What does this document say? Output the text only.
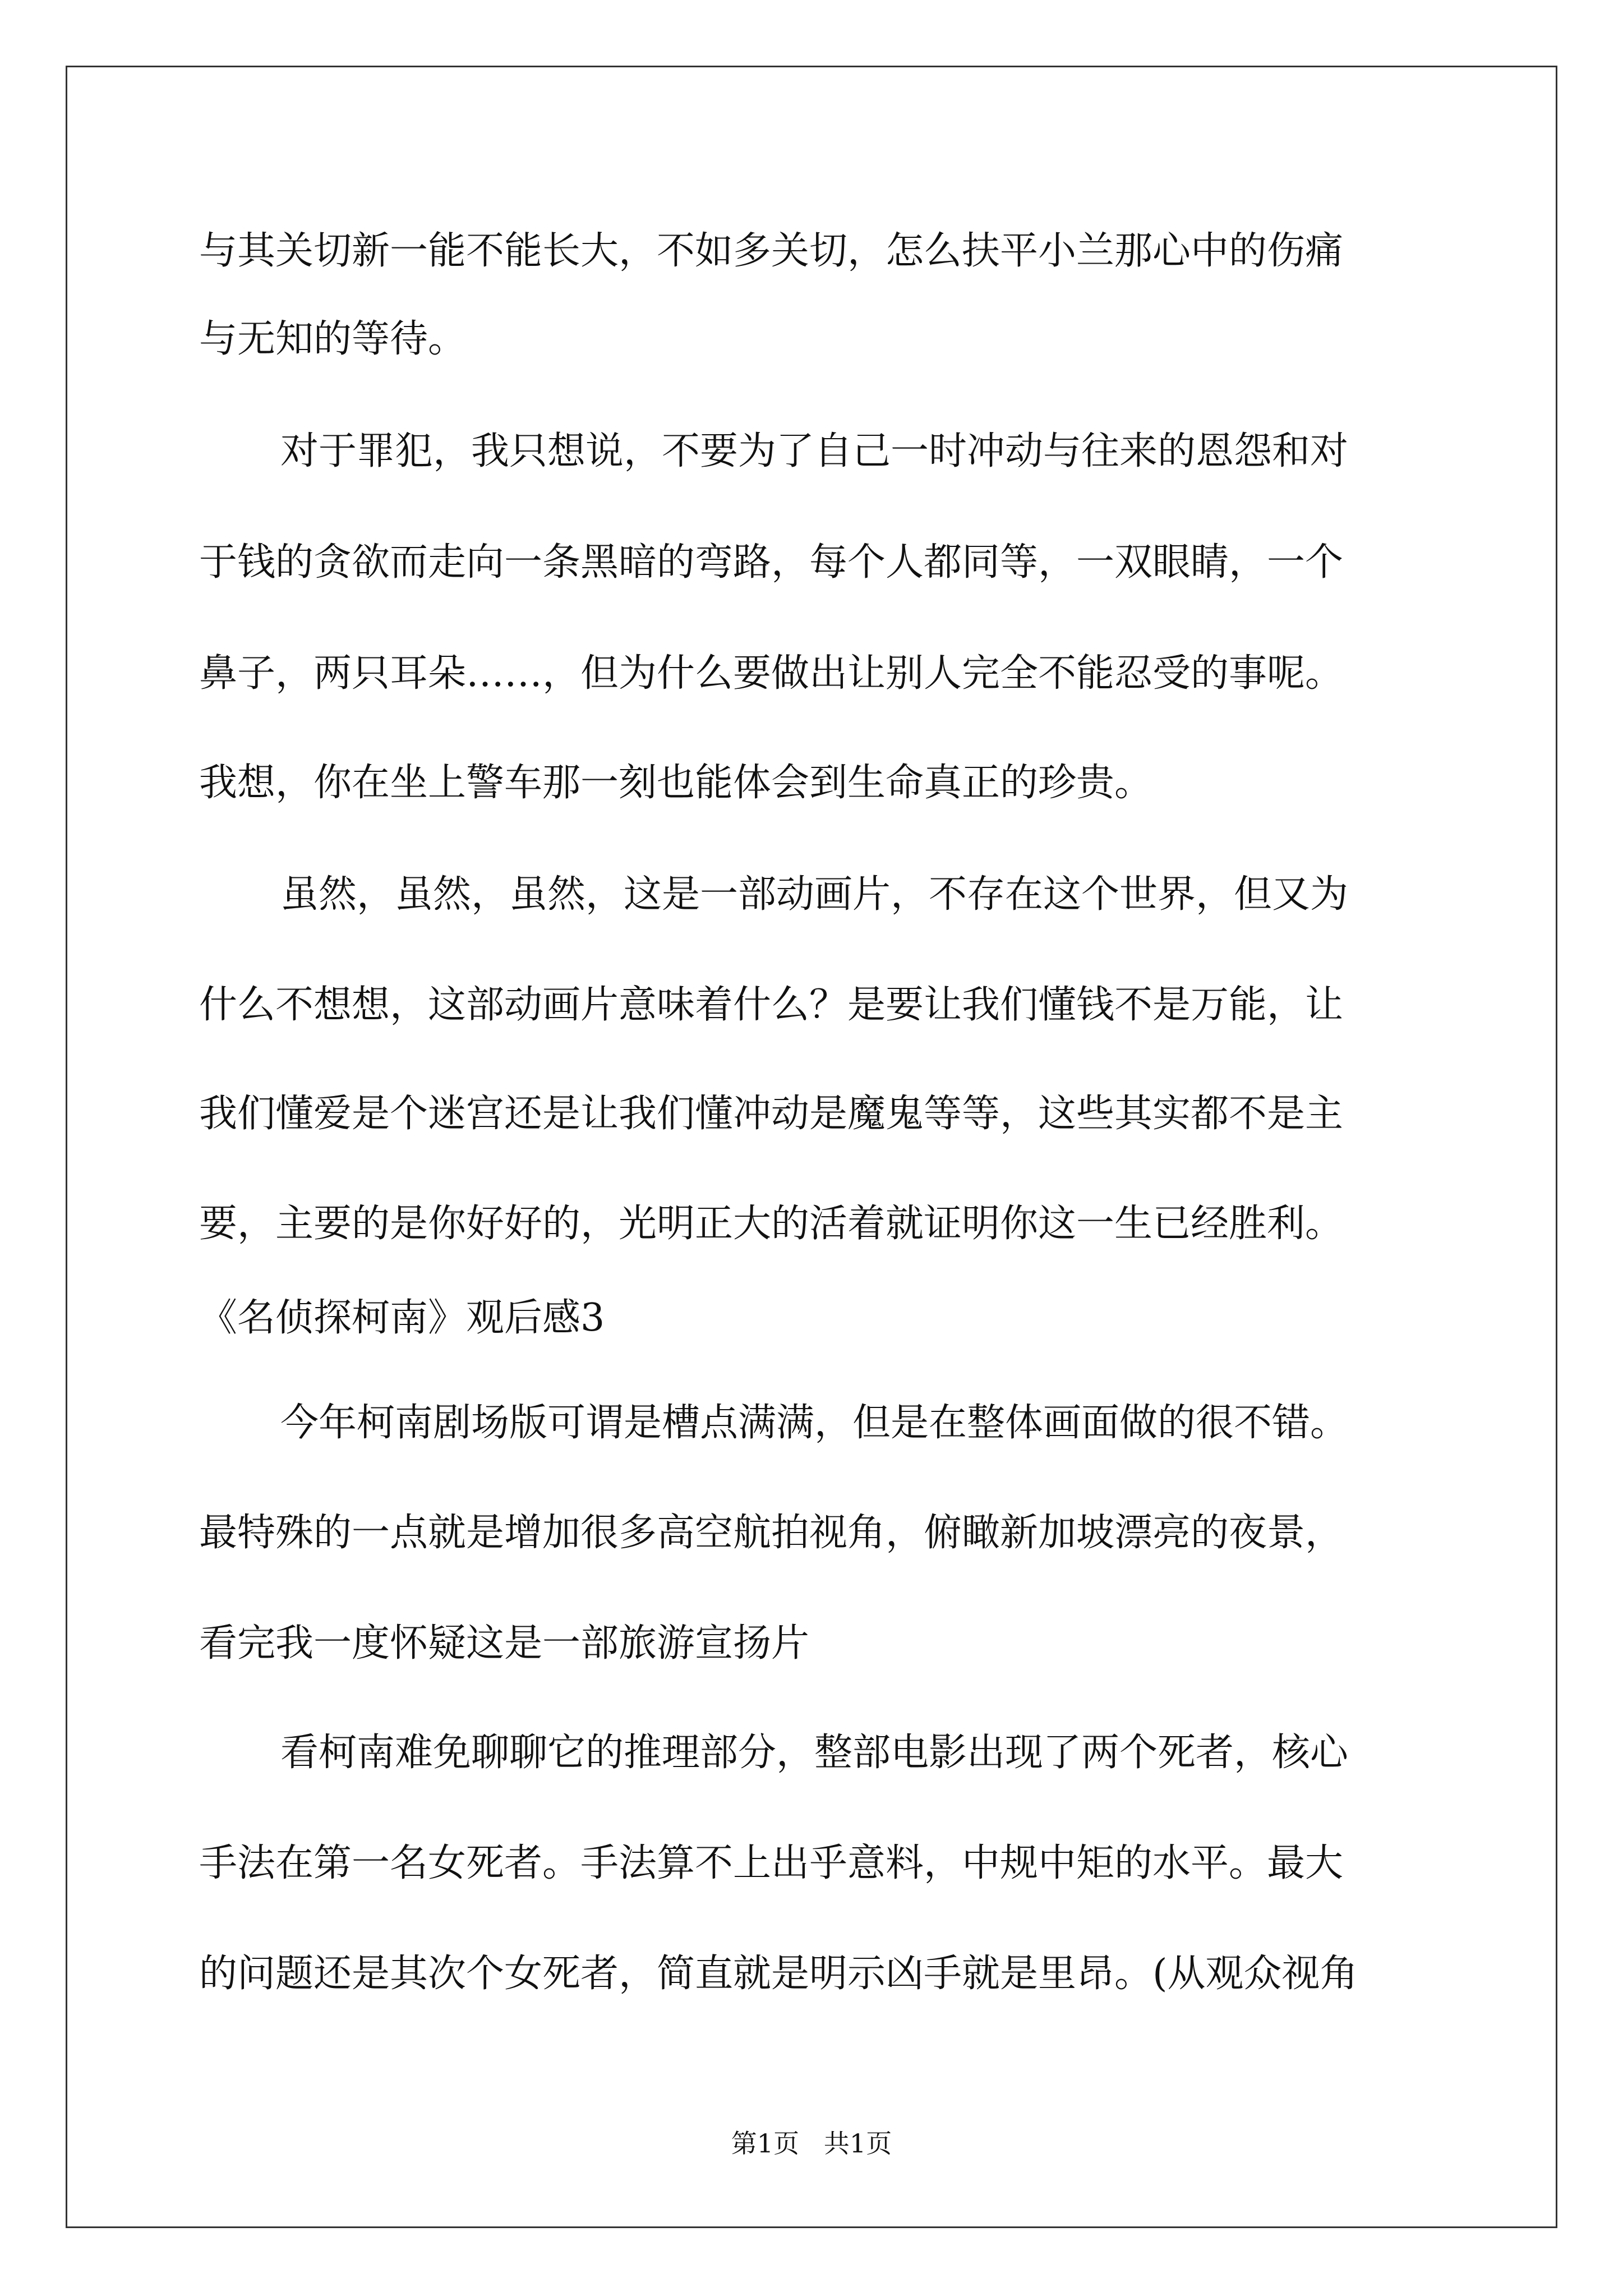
与其关切新一能不能长大，不如多关切，怎么扶平小兰那心中的伤痛
与无知的等待。
对于罪犯，我只想说，不要为了自己一时冲动与往来的恩怨和对
于钱的贪欲而走向一条黑暗的弯路，每个人都同等，一双眼睛，一个
鼻子，两只耳朵……，但为什么要做出让别人完全不能忍受的事呢。
我想，你在坐上警车那一刻也能体会到生命真正的珍贵。
虽然，虽然，虽然，这是一部动画片，不存在这个世界，但又为
什么不想想，这部动画片意味着什么？是要让我们懂钱不是万能，让
我们懂爱是个迷宫还是让我们懂冲动是魔鬼等等，这些其实都不是主
要，主要的是你好好的，光明正大的活着就证明你这一生已经胜利。
《名侦探柯南》观后感3
今年柯南剧场版可谓是槽点满满，但是在整体画面做的很不错。
最特殊的一点就是增加很多高空航拍视角，俯瞰新加坡漂亮的夜景，
看完我一度怀疑这是一部旅游宣扬片
看柯南难免聊聊它的推理部分，整部电影出现了两个死者，核心
手法在第一名女死者。手法算不上出乎意料，中规中矩的水平。最大
的问题还是其次个女死者，简直就是明示凶手就是里昂。(从观众视角
第1页   共1页
